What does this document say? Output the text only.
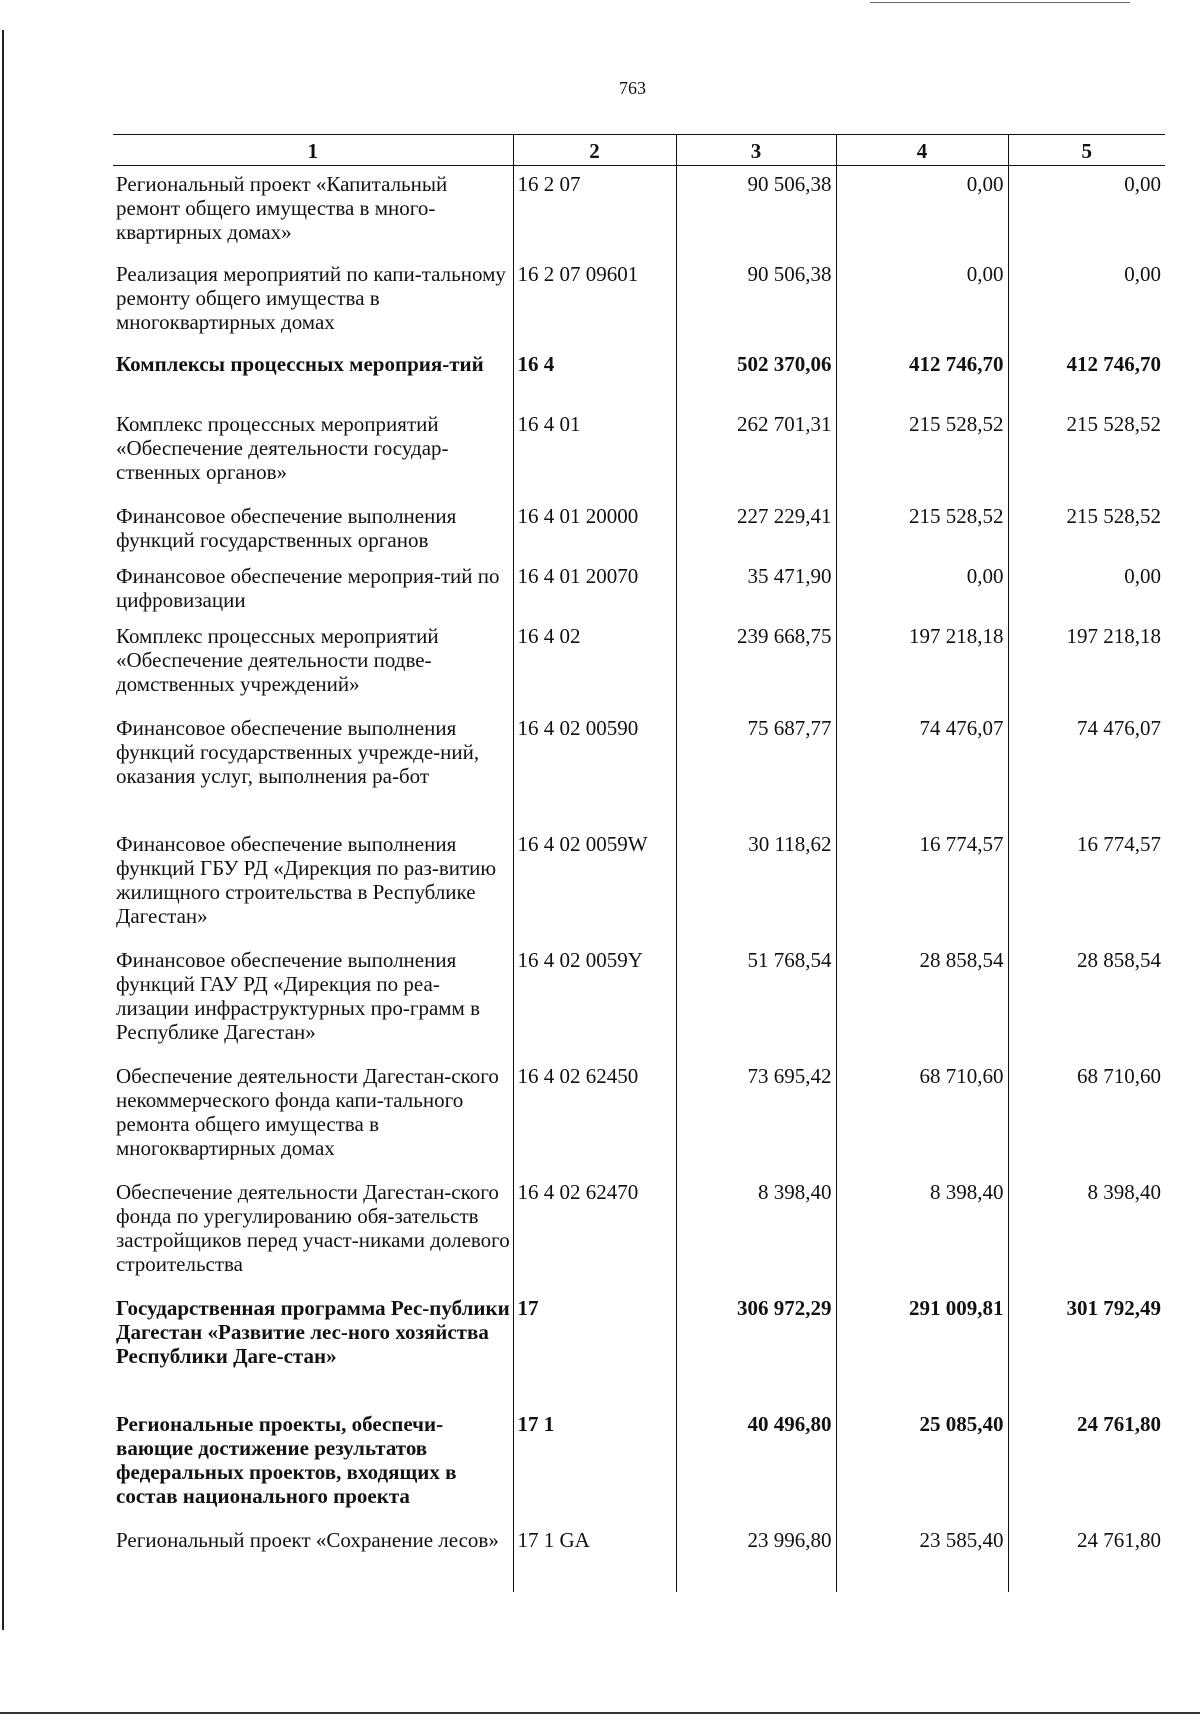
763
1	2	3	4	5
Региональный проект «Капитальный ремонт общего имущества в много-квартирных домах»	16 2 07	90 506,38	0,00	0,00
Реализация мероприятий по капи-тальному ремонту общего имущества в многоквартирных домах	16 2 07 09601	90 506,38	0,00	0,00
Комплексы процессных мероприя-тий	16 4	502 370,06	412 746,70	412 746,70
Комплекс процессных мероприятий «Обеспечение деятельности государ-ственных органов»	16 4 01	262 701,31	215 528,52	215 528,52
Финансовое обеспечение выполнения функций государственных органов	16 4 01 20000	227 229,41	215 528,52	215 528,52
Финансовое обеспечение мероприя-тий по цифровизации	16 4 01 20070	35 471,90	0,00	0,00
Комплекс процессных мероприятий «Обеспечение деятельности подве-домственных учреждений»	16 4 02	239 668,75	197 218,18	197 218,18
Финансовое обеспечение выполнения функций государственных учрежде-ний, оказания услуг, выполнения ра-бот	16 4 02 00590	75 687,77	74 476,07	74 476,07
Финансовое обеспечение выполнения функций ГБУ РД «Дирекция по раз-витию жилищного строительства в Республике Дагестан»	16 4 02 0059W	30 118,62	16 774,57	16 774,57
Финансовое обеспечение выполнения функций ГАУ РД «Дирекция по реа-лизации инфраструктурных про-грамм в Республике Дагестан»	16 4 02 0059Y	51 768,54	28 858,54	28 858,54
Обеспечение деятельности Дагестан-ского некоммерческого фонда капи-тального ремонта общего имущества в многоквартирных домах	16 4 02 62450	73 695,42	68 710,60	68 710,60
Обеспечение деятельности Дагестан-ского фонда по урегулированию обя-зательств застройщиков перед участ-никами долевого строительства	16 4 02 62470	8 398,40	8 398,40	8 398,40
Государственная программа Рес-публики Дагестан «Развитие лес-ного хозяйства Республики Даге-стан»	17	306 972,29	291 009,81	301 792,49
Региональные проекты, обеспечи-вающие достижение результатов федеральных проектов, входящих в состав национального проекта	17 1	40 496,80	25 085,40	24 761,80
Региональный проект «Сохранение лесов»	17 1 GA	23 996,80	23 585,40	24 761,80
